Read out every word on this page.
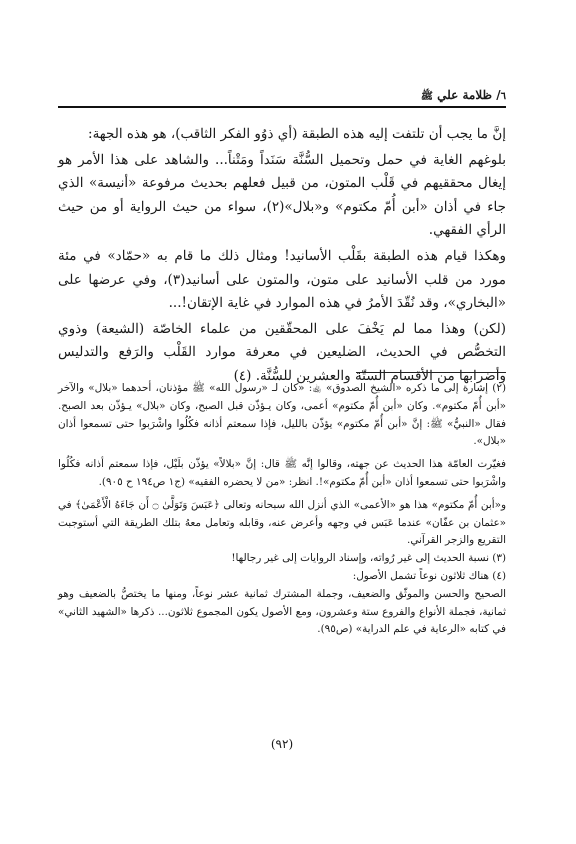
٦/ ظلامة علي ﷺ

إنَّ ما يجب أن تلتفت إليه هذه الطبقة (أي ذوُو الفكر الثاقب)، هو هذه الجهة:

بلوغهم الغاية في حمل وتحميل السُّنَّة سَنَداً ومَتْناً... والشاهد على هذا الأمر هو إيغال محققيهم في قَلْب المتون، من قبيل فعلهم بحديث مرفوعة «أنيسة» الذي جاء في أذان «أبن أُمّ مكتوم» و«بلال»(٢)، سواء من حيث الرواية أو من حيث الرأي الفقهي.

وهكذا قيام هذه الطبقة بقَلْب الأسانيد! ومثال ذلك ما قام به «حمّاد» في مئة مورد من قلب الأسانيد على متون، والمتون على أسانيد(٣)، وفي عرضها على «البخاري»، وقد نُقّدَ الأمرُ في هذه الموارد في غاية الإتقان!...

(لكن) وهذا مما لم يَخْفَ على المحقّقين من علماء الخاصّة (الشيعة) وذوي التخصُّص في الحديث، الضليعين في معرفة موارد القَلْب والرَفع والتدليس وأضرابها من الأقسام الستّة والعشرين للسُّنَّة. (٤)

(٢) إشارة إلى ما ذكره «الشيخ الصدوق» ﵀: «كان لـ «رسول الله» ﷺ مؤذنان، أحدهما «بلال» والآخر «أبن أُمّ مكتوم». وكان «أبن أُمّ مكتوم» أعمى، وكان يـؤذّن قبل الصبح، وكان «بلال» يـؤذّن بعد الصبح. فقال «النبيُّ» ﷺ: إنَّ «أبن أُمّ مكتوم» يؤذّن بالليل، فإذا سمعتم أذانه فكُلُوا واشْرَبوا حتى تسمعوا أذان «بلال».

فغيّرت العامّة هذا الحديث عن جهته، وقالوا إنَّه ﷺ قال: إنَّ «بلالاً» يؤذّن بلَيْل، فإذا سمعتم أذانه فكُلُوا واشْرَبوا حتى تسمعوا أذان «أبن أُمّ مكتوم»!. انظر: «من لا يحضره الفقيه» (ج١ ص١٩٤ ح ٩٠٥).

و«أبن أُمّ مكتوم» هذا هو «الأعمى» الذي أنزل الله سبحانه وتعالى ﴿عَبَسَ وَتَوَلَّىٰ ۝ أَن جَاءَهُ الْأَعْمَىٰ﴾ في «عثمان بن عفّان» عندما عَبَس في وجهه وأعرض عنه، وقابله وتعامل معهُ بتلك الطريقة التي أستوجبت التقريع والزجر القرآني.

(٣) نسبة الحديث إلى غير رُواته، وإسناد الروايات إلى غير رجالها!

(٤) هناك ثلاثون نوعاً تشمل الأصول:

الصحيح والحسن والموثّق والضعيف، وجملة المشترك ثمانية عشر نوعاً، ومنها ما يختصُّ بالضعيف وهو ثمانية، فجملة الأنواع والفروع ستة وعشرون، ومع الأصول يكون المجموع ثلاثون... ذكرها «الشهيد الثاني» في كتابه «الرعاية في علم الدراية» (ص٩٥).

(٩٢)
